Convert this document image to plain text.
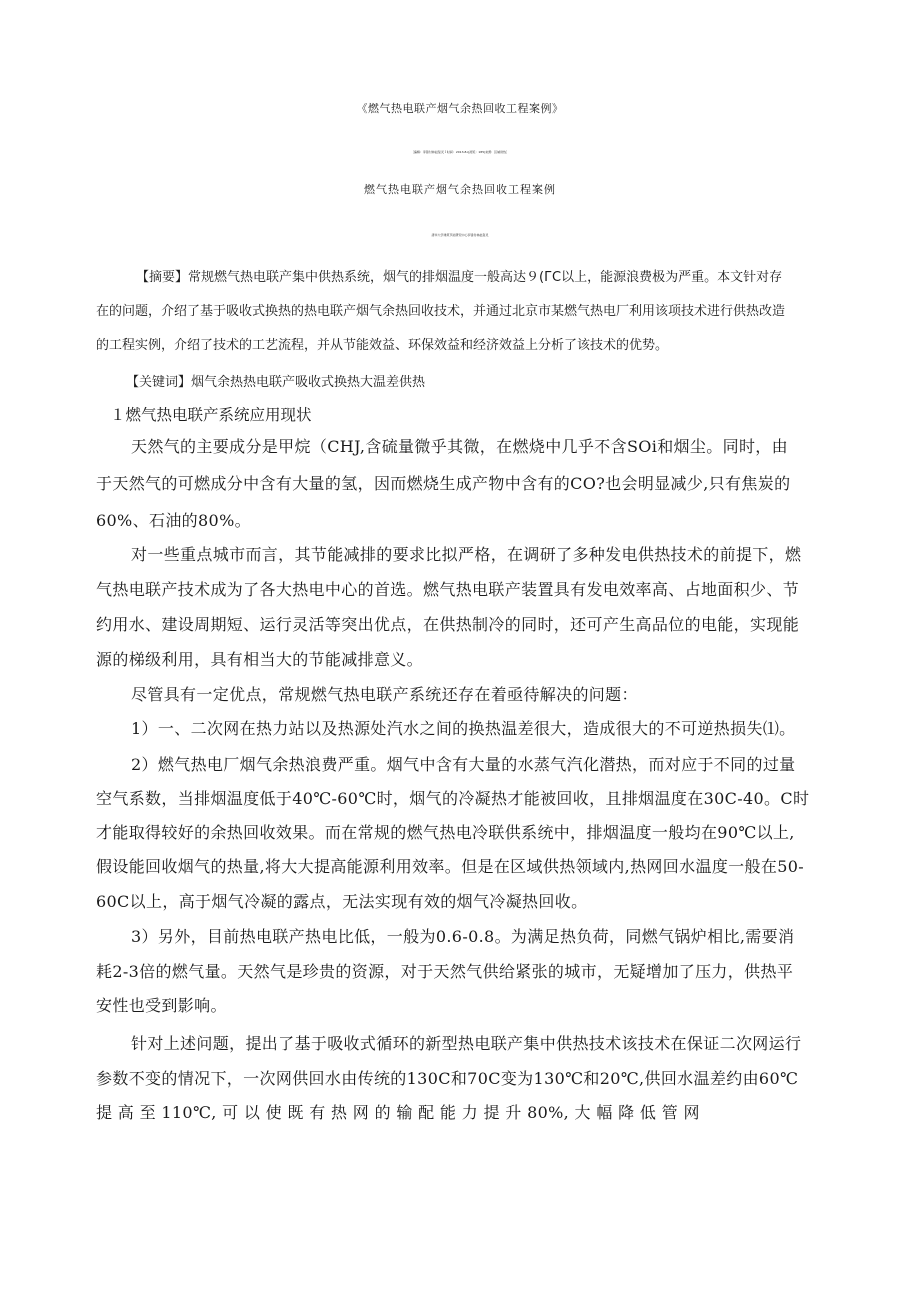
《燃气热电联产烟气余热回收工程案例》

［编辑：李锋付林赵玺灵Ｉ时间：2013-8-l|浏览：185|来源：区域供热］

燃气热电联产烟气余热回收工程案例

清华大学建筑节能研究中心李锋付林赵玺灵

【摘要】常规燃气热电联产集中供热系统，烟气的排烟温度一般高达９(ГC以上，能源浪费极为严重。本文针对存

在的问题，介绍了基于吸收式换热的热电联产烟气余热回收技术，并通过北京市某燃气热电厂利用该项技术进行供热改造

的工程实例，介绍了技术的工艺流程，并从节能效益、环保效益和经济效益上分析了该技术的优势。

【关键词】烟气余热热电联产吸收式换热大温差供热

１燃气热电联产系统应用现状

天然气的主要成分是甲烷（CHJ,含硫量微乎其微，在燃烧中几乎不含SOi和烟尘。同时，由

于天然气的可燃成分中含有大量的氢，因而燃烧生成产物中含有的CO?也会明显减少,只有焦炭的

60%、石油的80%。

对一些重点城市而言，其节能减排的要求比拟严格，在调研了多种发电供热技术的前提下，燃

气热电联产技术成为了各大热电中心的首选。燃气热电联产装置具有发电效率高、占地面积少、节

约用水、建设周期短、运行灵活等突出优点，在供热制冷的同时，还可产生高品位的电能，实现能

源的梯级利用，具有相当大的节能减排意义。

尽管具有一定优点，常规燃气热电联产系统还存在着亟待解决的问题：

1）一、二次网在热力站以及热源处汽水之间的换热温差很大，造成很大的不可逆热损失⑴。

2）燃气热电厂烟气余热浪费严重。烟气中含有大量的水蒸气汽化潜热，而对应于不同的过量

空气系数，当排烟温度低于40℃-60℃时，烟气的冷凝热才能被回收，且排烟温度在30C-40。C时

才能取得较好的余热回收效果。而在常规的燃气热电冷联供系统中，排烟温度一般均在90℃以上,

假设能回收烟气的热量,将大大提高能源利用效率。但是在区域供热领域内,热网回水温度一般在50-

60C以上，高于烟气冷凝的露点，无法实现有效的烟气冷凝热回收。

3）另外，目前热电联产热电比低，一般为0.6-0.8。为满足热负荷，同燃气锅炉相比,需要消

耗2-3倍的燃气量。天然气是珍贵的资源，对于天然气供给紧张的城市，无疑增加了压力，供热平

安性也受到影响。

针对上述问题，提出了基于吸收式循环的新型热电联产集中供热技术该技术在保证二次网运行

参数不变的情况下，一次网供回水由传统的130C和70C变为130℃和20℃,供回水温差约由60℃

提 高 至 110℃, 可 以 使 既 有 热 网 的 输 配 能 力 提 升 80%, 大 幅 降 低 管 网
